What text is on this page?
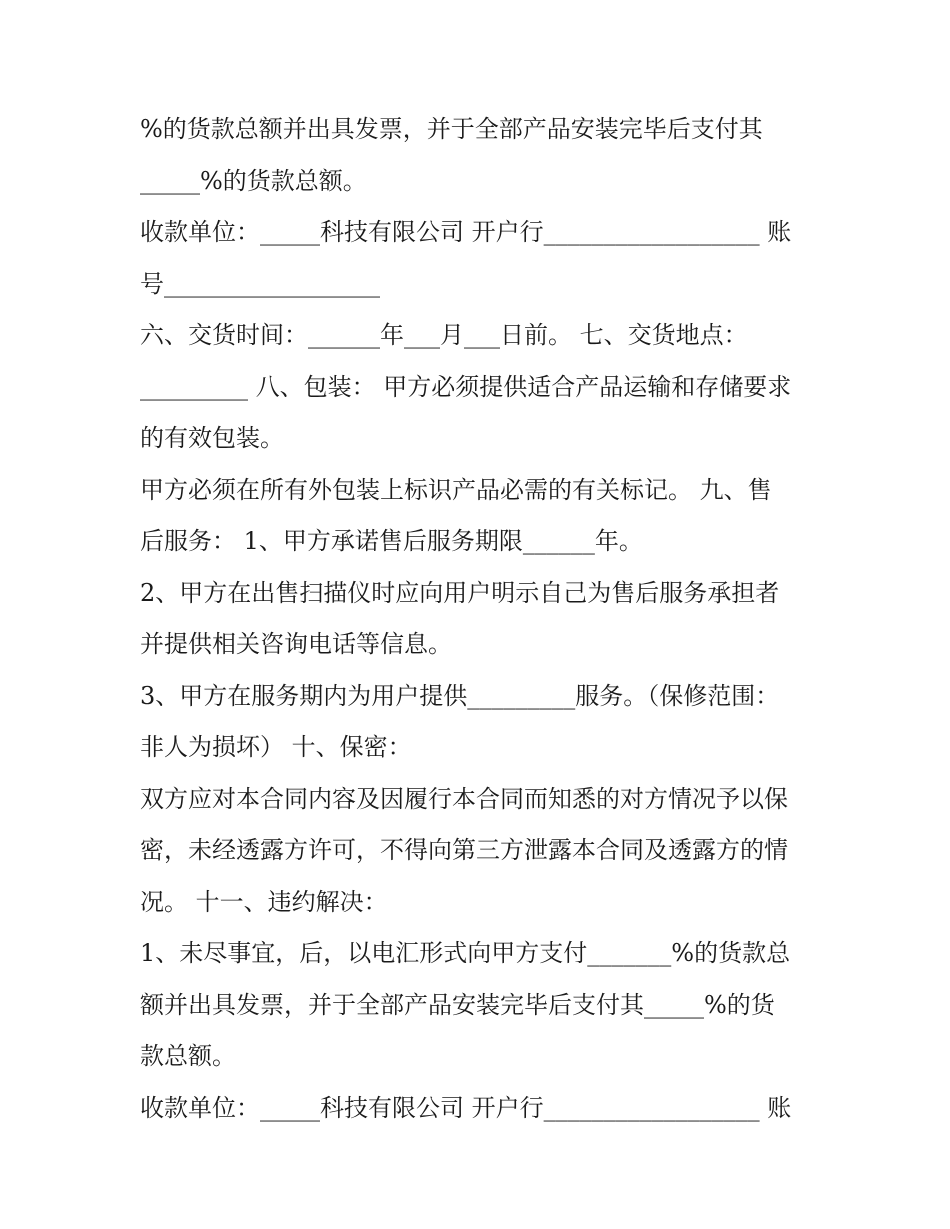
%的货款总额并出具发票，并于全部产品安装完毕后支付其
_____%的货款总额。
收款单位：_____科技有限公司 开户行__________________ 账
号__________________
六、交货时间：______年___月___日前。 七、交货地点：
_________ 八、包装： 甲方必须提供适合产品运输和存储要求
的有效包装。
甲方必须在所有外包装上标识产品必需的有关标记。 九、售
后服务： 1、甲方承诺售后服务期限______年。
2、甲方在出售扫描仪时应向用户明示自己为售后服务承担者
并提供相关咨询电话等信息。
3、甲方在服务期内为用户提供_________服务。（保修范围：
非人为损坏） 十、保密：
双方应对本合同内容及因履行本合同而知悉的对方情况予以保
密，未经透露方许可，不得向第三方泄露本合同及透露方的情
况。 十一、违约解决：
1、未尽事宜，后，以电汇形式向甲方支付_______%的货款总
额并出具发票，并于全部产品安装完毕后支付其_____%的货
款总额。
收款单位：_____科技有限公司 开户行__________________ 账
